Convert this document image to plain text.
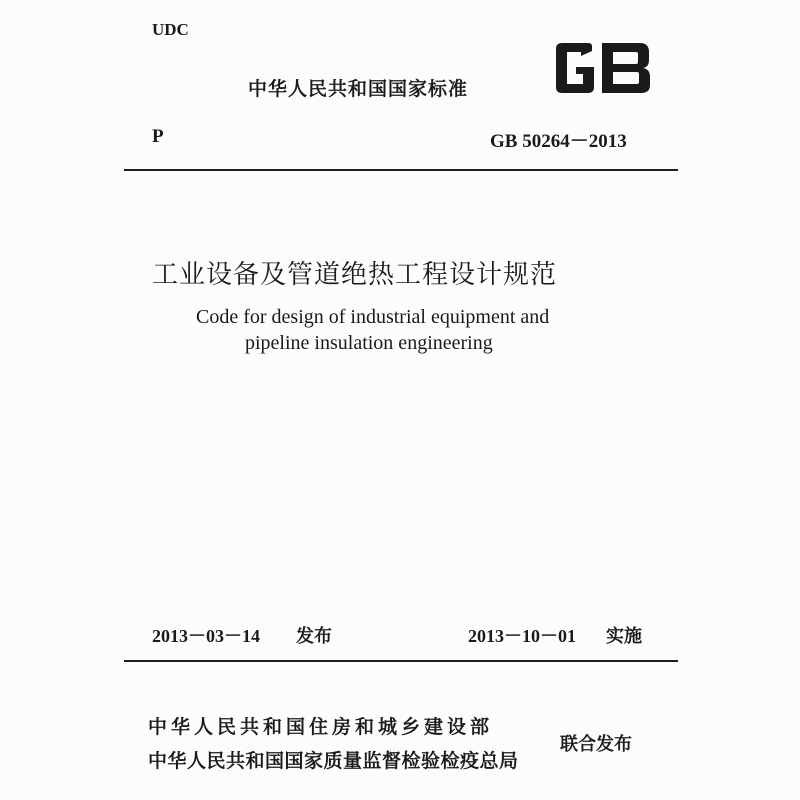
UDC
中华人民共和国国家标准
P	GB 50264－2013
工业设备及管道绝热工程设计规范
Code for design of industrial equipment and
pipeline insulation engineering
2013－03－14 发布	2013－10－01 实施
中华人民共和国住房和城乡建设部
中华人民共和国国家质量监督检验检疫总局
联合发布
